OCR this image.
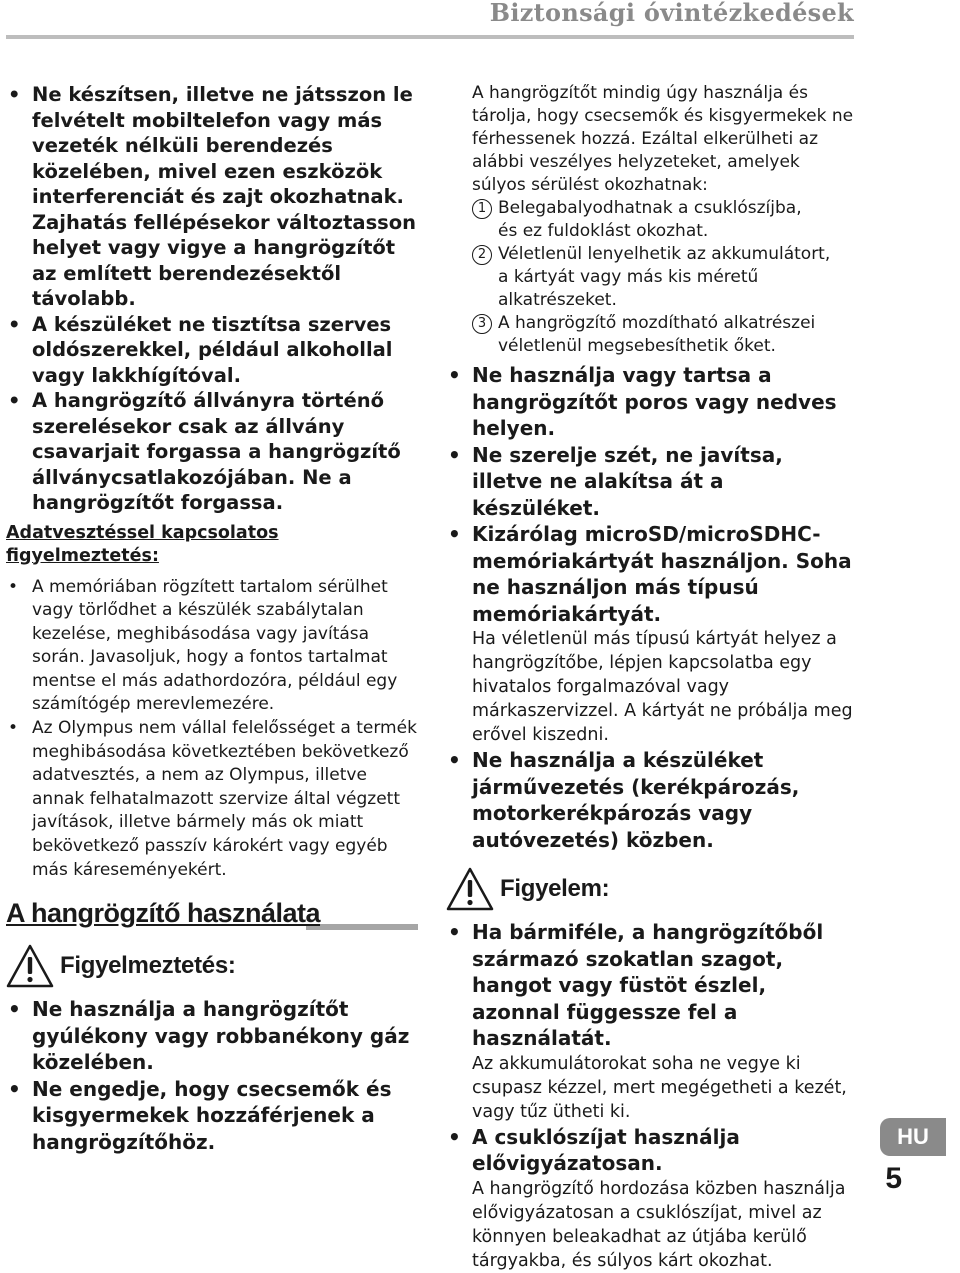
Biztonsági óvintézkedések
• Ne készítsen, illetve ne játsszon le felvételt mobiltelefon vagy más vezeték nélküli berendezés közelében, mivel ezen eszközök interferenciát és zajt okozhatnak. Zajhatás fellépésekor változtasson helyet vagy vigye a hangrögzítőt az említett berendezésektől távolabb.
• A készüléket ne tisztítsa szerves oldószerekkel, például alkohollal vagy lakkhígítóval.
• A hangrögzítő állványra történő szerelésekor csak az állvány csavarjait forgassa a hangrögzítő állványcsatlakozójában. Ne a hangrögzítőt forgassa.
Adatvesztéssel kapcsolatos figyelmeztetés:
• A memóriában rögzített tartalom sérülhet vagy törlődhet a készülék szabálytalan kezelése, meghibásodása vagy javítása során. Javasoljuk, hogy a fontos tartalmat mentse el más adathordozóra, például egy számítógép merevlemezére.
• Az Olympus nem vállal felelősséget a termék meghibásodása következtében bekövetkező adatvesztés, a nem az Olympus, illetve annak felhatalmazott szervize által végzett javítások, illetve bármely más ok miatt bekövetkező passzív károkért vagy egyéb más káreseményekért.
A hangrögzítő használata
Figyelmeztetés:
• Ne használja a hangrögzítőt gyúlékony vagy robbanékony gáz közelében.
• Ne engedje, hogy csecsemők és kisgyermekek hozzáférjenek a hangrögzítőhöz.

A hangrögzítőt mindig úgy használja és tárolja, hogy csecsemők és kisgyermekek ne férhessenek hozzá. Ezáltal elkerülheti az alábbi veszélyes helyzeteket, amelyek súlyos sérülést okozhatnak:

1 Belegabalyodhatnak a csuklószíjba,
és ez fuldoklást okozhat.
2 Véletlenül lenyelhetik az akkumulátort,
a kártyát vagy más kis méretű alkatrészeket.
3 A hangrögzítő mozdítható alkatrészei
véletlenül megsebesíthetik őket.
• Ne használja vagy tartsa a hangrögzítőt poros vagy nedves helyen.
• Ne szerelje szét, ne javítsa, illetve ne alakítsa át a készüléket.
• Kizárólag microSD/microSDHC-memóriakártyát használjon. Soha ne használjon más típusú memóriakártyát.
Ha véletlenül más típusú kártyát helyez a hangrögzítőbe, lépjen kapcsolatba egy hivatalos forgalmazóval vagy márkaszervizzel. A kártyát ne próbálja meg erővel kiszedni.
• Ne használja a készüléket járművezetés (kerékpározás, motorkerékpározás vagy autóvezetés) közben.
Figyelem:
• Ha bármiféle, a hangrögzítőből származó szokatlan szagot, hangot vagy füstöt észlel, azonnal függessze fel a használatát.
Az akkumulátorokat soha ne vegye ki csupasz kézzel, mert megégetheti a kezét, vagy tűz ütheti ki.
• A csuklószíjat használja elővigyázatosan.
A hangrögzítő hordozása közben használja elővigyázatosan a csuklószíjat, mivel az könnyen beleakadhat az útjába kerülő tárgyakba, és súlyos kárt okozhat.
HU
5
